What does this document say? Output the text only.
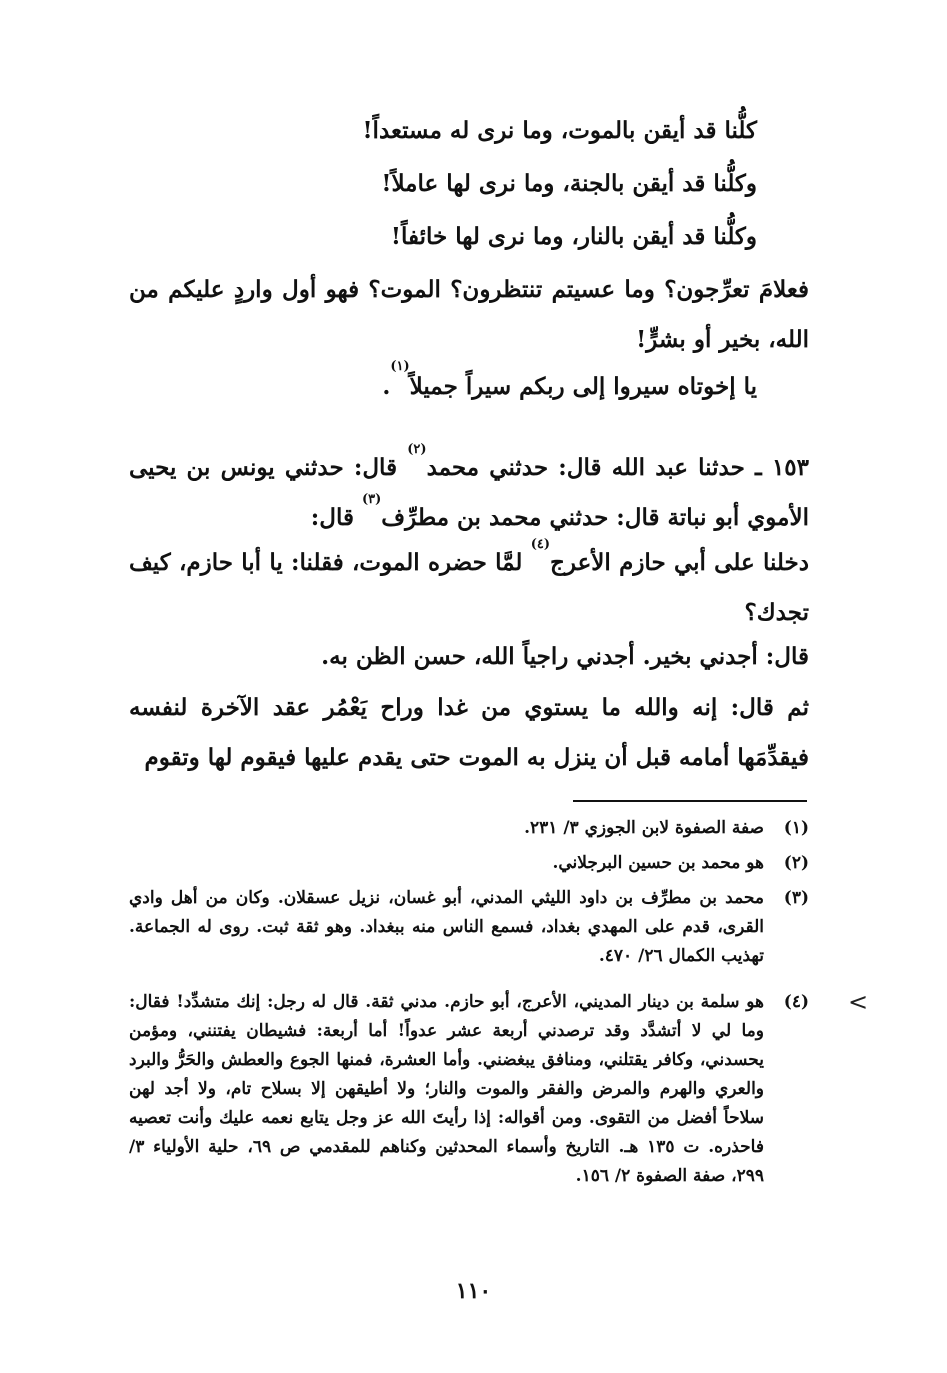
كلُّنا قد أيقن بالموت، وما نرى له مستعداً!
وكلُّنا قد أيقن بالجنة، وما نرى لها عاملاً!
وكلُّنا قد أيقن بالنار، وما نرى لها خائفاً!
فعلامَ تعرِّجون؟ وما عسيتم تنتظرون؟ الموت؟ فهو أول واردٍ عليكم من الله، بخير أو بشرٍّ!
يا إخوتاه سيروا إلى ربكم سيراً جميلاً$^{(١)}$.
١٥٣ ـ حدثنا عبد الله قال: حدثني محمد$^{(٢)}$ قال: حدثني يونس بن يحيى الأموي أبو نباتة قال: حدثني محمد بن مطرِّف$^{(٣)}$ قال:
دخلنا على أبي حازم الأعرج$^{(٤)}$ لمَّا حضره الموت، فقلنا: يا أبا حازم، كيف تجدك؟
قال: أجدني بخير. أجدني راجياً الله، حسن الظن به.
ثم قال: إنه والله ما يستوي من غدا وراح يَعْمُر عقد الآخرة لنفسه فيقدِّمَها أمامه قبل أن ينزل به الموت حتى يقدم عليها فيقوم لها وتقوم
(١)
صفة الصفوة لابن الجوزي ٣/ ٢٣١.
(٢)
هو محمد بن حسين البرجلاني.
(٣)
محمد بن مطرِّف بن داود الليثي المدني، أبو غسان، نزيل عسقلان. وكان من أهل وادي القرى، قدم على المهدي بغداد، فسمع الناس منه ببغداد. وهو ثقة ثبت. روى له الجماعة. تهذيب الكمال ٢٦/ ٤٧٠.
(٤)
هو سلمة بن دينار المديني، الأعرج، أبو حازم. مدني ثقة. قال له رجل: إنك متشدِّد! فقال: وما لي لا أتشدَّد وقد ترصدني أربعة عشر عدواً! أما أربعة: فشيطان يفتنني، ومؤمن يحسدني، وكافر يقتلني، ومنافق يبغضني. وأما العشرة، فمنها الجوع والعطش والحَرُّ والبرد والعري والهرم والمرض والفقر والموت والنار؛ ولا أطيقهن إلا بسلاح تام، ولا أجد لهن سلاحاً أفضل من التقوى. ومن أقواله: إذا رأيتَ الله عز وجل يتابع نعمه عليك وأنت تعصيه فاحذره. ت ١٣٥ هـ. التاريخ وأسماء المحدثين وكناهم للمقدمي ص ٦٩، حلية الأولياء ٣/ ٢٩٩، صفة الصفوة ٢/ ١٥٦.
<
١١٠
